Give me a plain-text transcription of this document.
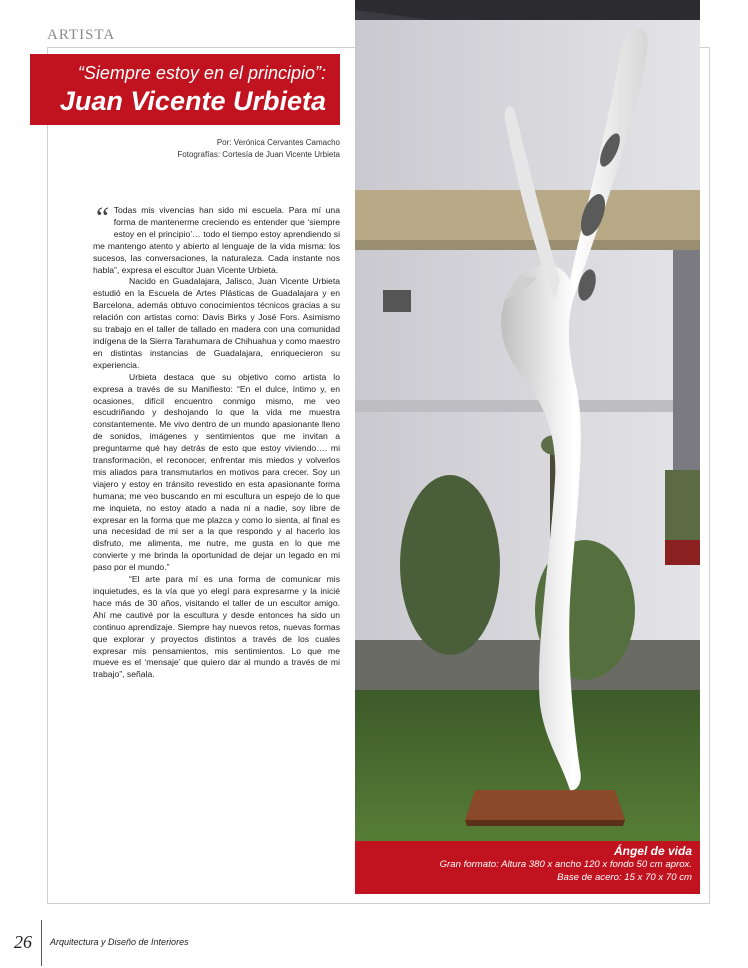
ARTISTA
“Siempre estoy en el principio”:
Juan Vicente Urbieta
Por: Verónica Cervantes Camacho
Fotografías: Cortesía de Juan Vicente Urbieta

“ Todas mis vivencias han sido mi escuela. Para mí una forma de mantenerme creciendo es entender que ‘siempre estoy en el principio’… todo el tiempo estoy aprendiendo si me mantengo atento y abierto al lenguaje de la vida misma: los sucesos, las conversaciones, la naturaleza. Cada instante nos habla”, expresa el escultor Juan Vicente Urbieta.

Nacido en Guadalajara, Jalisco, Juan Vicente Urbieta estudió en la Escuela de Artes Plásticas de Guadalajara y en Barcelona, además obtuvo conocimientos técnicos gracias a su relación con artistas como: Davis Birks y José Fors. Asimismo su trabajo en el taller de tallado en madera con una comunidad indígena de la Sierra Tarahumara de Chihuahua y como maestro en distintas instancias de Guadalajara, enriquecieron su experiencia.

Urbieta destaca que su objetivo como artista lo expresa a través de su Manifiesto: “En el dulce, íntimo y, en ocasiones, difícil encuentro conmigo mismo, me veo escudriñando y deshojando lo que la vida me muestra constantemente. Me vivo dentro de un mundo apasionante lleno de sonidos, imágenes y sentimientos que me invitan a preguntarme qué hay detrás de esto que estoy viviendo…. mi transformación, el reconocer, enfrentar mis miedos y volverlos mis aliados para transmutarlos en motivos para crecer. Soy un viajero y estoy en tránsito revestido en esta apasionante forma humana; me veo buscando en mi escultura un espejo de lo que me inquieta, no estoy atado a nada ni a nadie, soy libre de expresar en la forma que me plazca y como lo sienta, al final es una necesidad de mi ser a la que respondo y al hacerlo los disfruto, me alimenta, me nutre, me gusta en lo que me convierte y me brinda la oportunidad de dejar un legado en mi paso por el mundo.”

“El arte para mí es una forma de comunicar mis inquietudes, es la vía que yo elegí para expresarme y la inicié hace más de 30 años, visitando el taller de un escultor amigo. Ahí me cautivé por la escultura y desde entonces ha sido un continuo aprendizaje. Siempre hay nuevos retos, nuevas formas que explorar y proyectos distintos a través de los cuales expresar mis pensamientos, mis sentimientos. Lo que me mueve es el ‘mensaje’ que quiero dar al mundo a través de mi trabajo”, señala.

Ángel de vida
Gran formato: Altura 380 x ancho 120 x fondo 50 cm aprox.
Base de acero: 15 x 70 x 70 cm
26 Arquitectura y Diseño de Interiores
